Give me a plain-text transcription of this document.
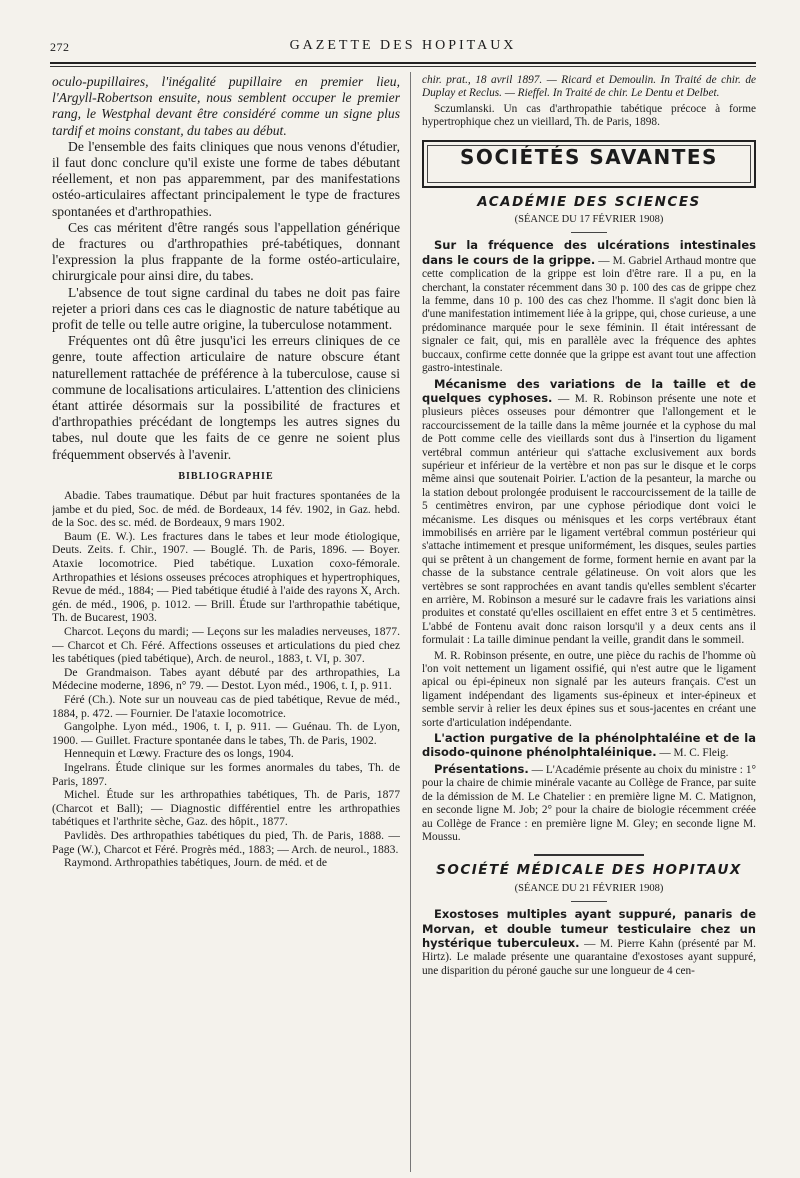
272	GAZETTE DES HOPITAUX

oculo-pupillaires, l'inégalité pupillaire en premier lieu, l'Argyll-Robertson ensuite, nous semblent occuper le premier rang, le Westphal devant être considéré comme un signe plus tardif et moins constant, du tabes au début.

De l'ensemble des faits cliniques que nous venons d'étudier, il faut donc conclure qu'il existe une forme de tabes débutant réellement, et non pas apparemment, par des manifestations ostéo-articulaires affectant principalement le type de fractures spontanées et d'arthropathies.

Ces cas méritent d'être rangés sous l'appellation générique de fractures ou d'arthropathies pré-tabétiques, donnant l'expression la plus frappante de la forme ostéo-articulaire, chirurgicale pour ainsi dire, du tabes.

L'absence de tout signe cardinal du tabes ne doit pas faire rejeter a priori dans ces cas le diagnostic de nature tabétique au profit de telle ou telle autre origine, la tuberculose notamment.

Fréquentes ont dû être jusqu'ici les erreurs cliniques de ce genre, toute affection articulaire de nature obscure étant naturellement rattachée de préférence à la tuberculose, cause si commune de localisations articulaires. L'attention des cliniciens étant attirée désormais sur la possibilité de fractures et d'arthropathies précédant de longtemps les autres signes du tabes, nul doute que les faits de ce genre ne soient plus fréquemment observés à l'avenir.

BIBLIOGRAPHIE

Abadie. Tabes traumatique. Début par huit fractures spontanées de la jambe et du pied, Soc. de méd. de Bordeaux, 14 fév. 1902, in Gaz. hebd. de la Soc. des sc. méd. de Bordeaux, 9 mars 1902.

Baum (E. W.). Les fractures dans le tabes et leur mode étiologique, Deuts. Zeits. f. Chir., 1907. — Bouglé. Th. de Paris, 1896. — Boyer. Ataxie locomotrice. Pied tabétique. Luxation coxo-fémorale. Arthropathies et lésions osseuses précoces atrophiques et hypertrophiques, Revue de méd., 1884; — Pied tabétique étudié à l'aide des rayons X, Arch. gén. de méd., 1906, p. 1012. — Brill. Étude sur l'arthropathie tabétique, Th. de Bucarest, 1903.

Charcot. Leçons du mardi; — Leçons sur les maladies nerveuses, 1877. — Charcot et Ch. Féré. Affections osseuses et articulations du pied chez les tabétiques (pied tabétique), Arch. de neurol., 1883, t. VI, p. 307.

De Grandmaison. Tabes ayant débuté par des arthropathies, La Médecine moderne, 1896, n° 79. — Destot. Lyon méd., 1906, t. I, p. 911.

Féré (Ch.). Note sur un nouveau cas de pied tabétique, Revue de méd., 1884, p. 472. — Fournier. De l'ataxie locomotrice.

Gangolphe. Lyon méd., 1906, t. I, p. 911. — Guénau. Th. de Lyon, 1900. — Guillet. Fracture spontanée dans le tabes, Th. de Paris, 1902.

Hennequin et Lœwy. Fracture des os longs, 1904.

Ingelrans. Étude clinique sur les formes anormales du tabes, Th. de Paris, 1897.

Michel. Étude sur les arthropathies tabétiques, Th. de Paris, 1877 (Charcot et Ball); — Diagnostic différentiel entre les arthropathies tabétiques et l'arthrite sèche, Gaz. des hôpit., 1877.

Pavlidès. Des arthropathies tabétiques du pied, Th. de Paris, 1888. — Page (W.), Charcot et Féré. Progrès méd., 1883; — Arch. de neurol., 1883.

Raymond. Arthropathies tabétiques, Journ. de méd. et de

chir. prat., 18 avril 1897. — Ricard et Demoulin. In Traité de chir. de Duplay et Reclus. — Rieffel. In Traité de chir. Le Dentu et Delbet.

Sczumlanski. Un cas d'arthropathie tabétique précoce à forme hypertrophique chez un vieillard, Th. de Paris, 1898.

SOCIÉTÉS SAVANTES
ACADÉMIE DES SCIENCES
(SÉANCE DU 17 FÉVRIER 1908)

Sur la fréquence des ulcérations intestinales dans le cours de la grippe. — M. Gabriel Arthaud montre que cette complication de la grippe est loin d'être rare. Il a pu, en la cherchant, la constater récemment dans 30 p. 100 des cas de grippe chez la femme, dans 10 p. 100 des cas chez l'homme. Il s'agit donc bien là d'une manifestation intimement liée à la grippe, qui, chose curieuse, a une prédominance marquée pour le sexe féminin. Il était intéressant de signaler ce fait, qui, mis en parallèle avec la fréquence des aphtes buccaux, confirme cette donnée que la grippe est avant tout une affection gastro-intestinale.

Mécanisme des variations de la taille et de quelques cyphoses. — M. R. Robinson présente une note et plusieurs pièces osseuses pour démontrer que l'allongement et le raccourcissement de la taille dans la même journée et la cyphose du mal de Pott comme celle des vieillards sont dus à l'insertion du ligament vertébral commun antérieur qui s'attache exclusivement aux bords supérieur et inférieur de la vertèbre et non pas sur le disque et le corps même ainsi que soutenait Poirier. L'action de la pesanteur, la marche ou la station debout prolongée produisent le raccourcissement de la taille de 5 centimètres environ, par une cyphose périodique dont voici le mécanisme. Les disques ou ménisques et les corps vertébraux étant immobilisés en arrière par le ligament vertébral commun postérieur qui s'attache intimement et presque uniformément, les disques, seules parties qui se prêtent à un changement de forme, forment hernie en avant par la chasse de la substance centrale gélatineuse. On voit alors que les vertèbres se sont rapprochées en avant tandis qu'elles semblent s'écarter en arrière, M. Robinson a mesuré sur le cadavre frais les variations ainsi produites et constaté qu'elles oscillaient en effet entre 3 et 5 centimètres. L'abbé de Fontenu avait donc raison lorsqu'il y a deux cents ans il formulait : La taille diminue pendant la veille, grandit dans le sommeil.

M. R. Robinson présente, en outre, une pièce du rachis de l'homme où l'on voit nettement un ligament ossifié, qui n'est autre que le ligament apical ou épi-épineux non signalé par les auteurs français. C'est un ligament indépendant des ligaments sus-épineux et inter-épineux et semble servir à relier les deux épines sus et sous-jacentes en créant une sorte d'articulation indépendante.

L'action purgative de la phénolphtaléine et de la disodo-quinone phénolphtaléinique. — M. C. Fleig.

Présentations. — L'Académie présente au choix du ministre : 1° pour la chaire de chimie minérale vacante au Collège de France, par suite de la démission de M. Le Chatelier : en première ligne M. C. Matignon, en seconde ligne M. Job; 2° pour la chaire de biologie récemment créée au Collège de France : en première ligne M. Gley; en seconde ligne M. Moussu.

SOCIÉTÉ MÉDICALE DES HOPITAUX
(SÉANCE DU 21 FÉVRIER 1908)

Exostoses multiples ayant suppuré, panaris de Morvan, et double tumeur testiculaire chez un hystérique tuberculeux. — M. Pierre Kahn (présenté par M. Hirtz). Le malade présente une quarantaine d'exostoses ayant suppuré, une disparition du péroné gauche sur une longueur de 4 cen-
